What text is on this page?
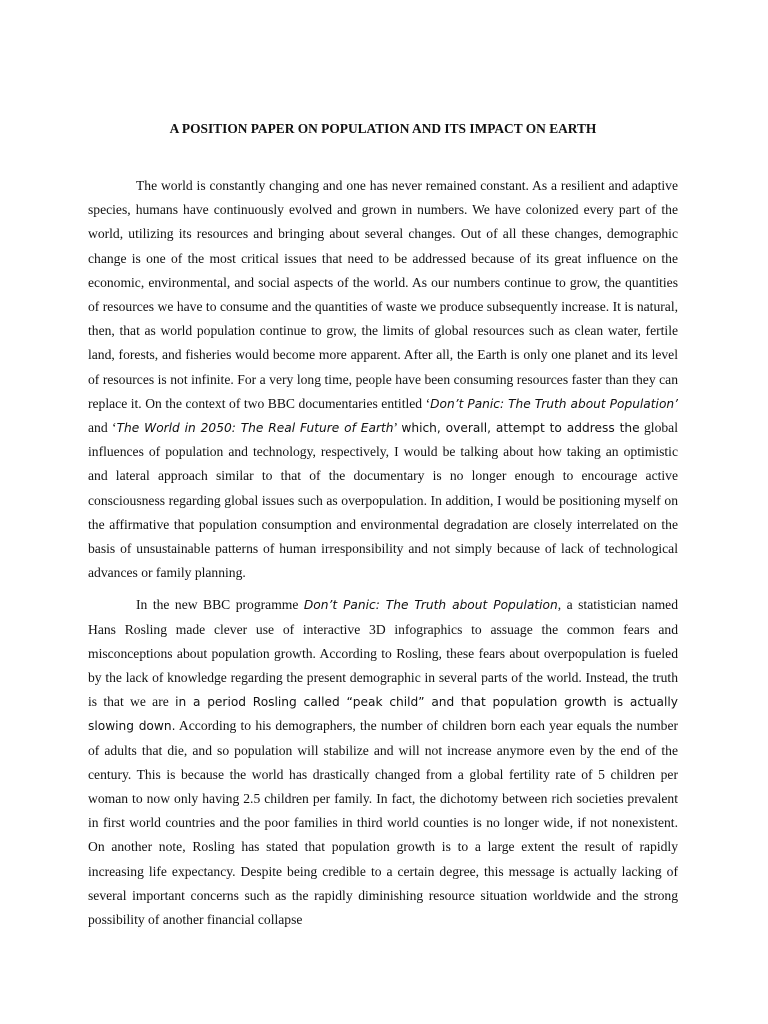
A POSITION PAPER ON POPULATION AND ITS IMPACT ON EARTH

The world is constantly changing and one has never remained constant. As a resilient and adaptive species, humans have continuously evolved and grown in numbers. We have colonized every part of the world, utilizing its resources and bringing about several changes. Out of all these changes, demographic change is one of the most critical issues that need to be addressed because of its great influence on the economic, environmental, and social aspects of the world. As our numbers continue to grow, the quantities of resources we have to consume and the quantities of waste we produce subsequently increase. It is natural, then, that as world population continue to grow, the limits of global resources such as clean water, fertile land, forests, and fisheries would become more apparent. After all, the Earth is only one planet and its level of resources is not infinite. For a very long time, people have been consuming resources faster than they can replace it. On the context of two BBC documentaries entitled ‘Don’t Panic: The Truth about Population’ and ‘The World in 2050: The Real Future of Earth’ which, overall, attempt to address the global influences of population and technology, respectively, I would be talking about how taking an optimistic and lateral approach similar to that of the documentary is no longer enough to encourage active consciousness regarding global issues such as overpopulation. In addition, I would be positioning myself on the affirmative that population consumption and environmental degradation are closely interrelated on the basis of unsustainable patterns of human irresponsibility and not simply because of lack of technological advances or family planning.

In the new BBC programme Don’t Panic: The Truth about Population, a statistician named Hans Rosling made clever use of interactive 3D infographics to assuage the common fears and misconceptions about population growth. According to Rosling, these fears about overpopulation is fueled by the lack of knowledge regarding the present demographic in several parts of the world. Instead, the truth is that we are in a period Rosling called “peak child” and that population growth is actually slowing down. According to his demographers, the number of children born each year equals the number of adults that die, and so population will stabilize and will not increase anymore even by the end of the century. This is because the world has drastically changed from a global fertility rate of 5 children per woman to now only having 2.5 children per family. In fact, the dichotomy between rich societies prevalent in first world countries and the poor families in third world counties is no longer wide, if not nonexistent. On another note, Rosling has stated that population growth is to a large extent the result of rapidly increasing life expectancy. Despite being credible to a certain degree, this message is actually lacking of several important concerns such as the rapidly diminishing resource situation worldwide and the strong possibility of another financial collapse
